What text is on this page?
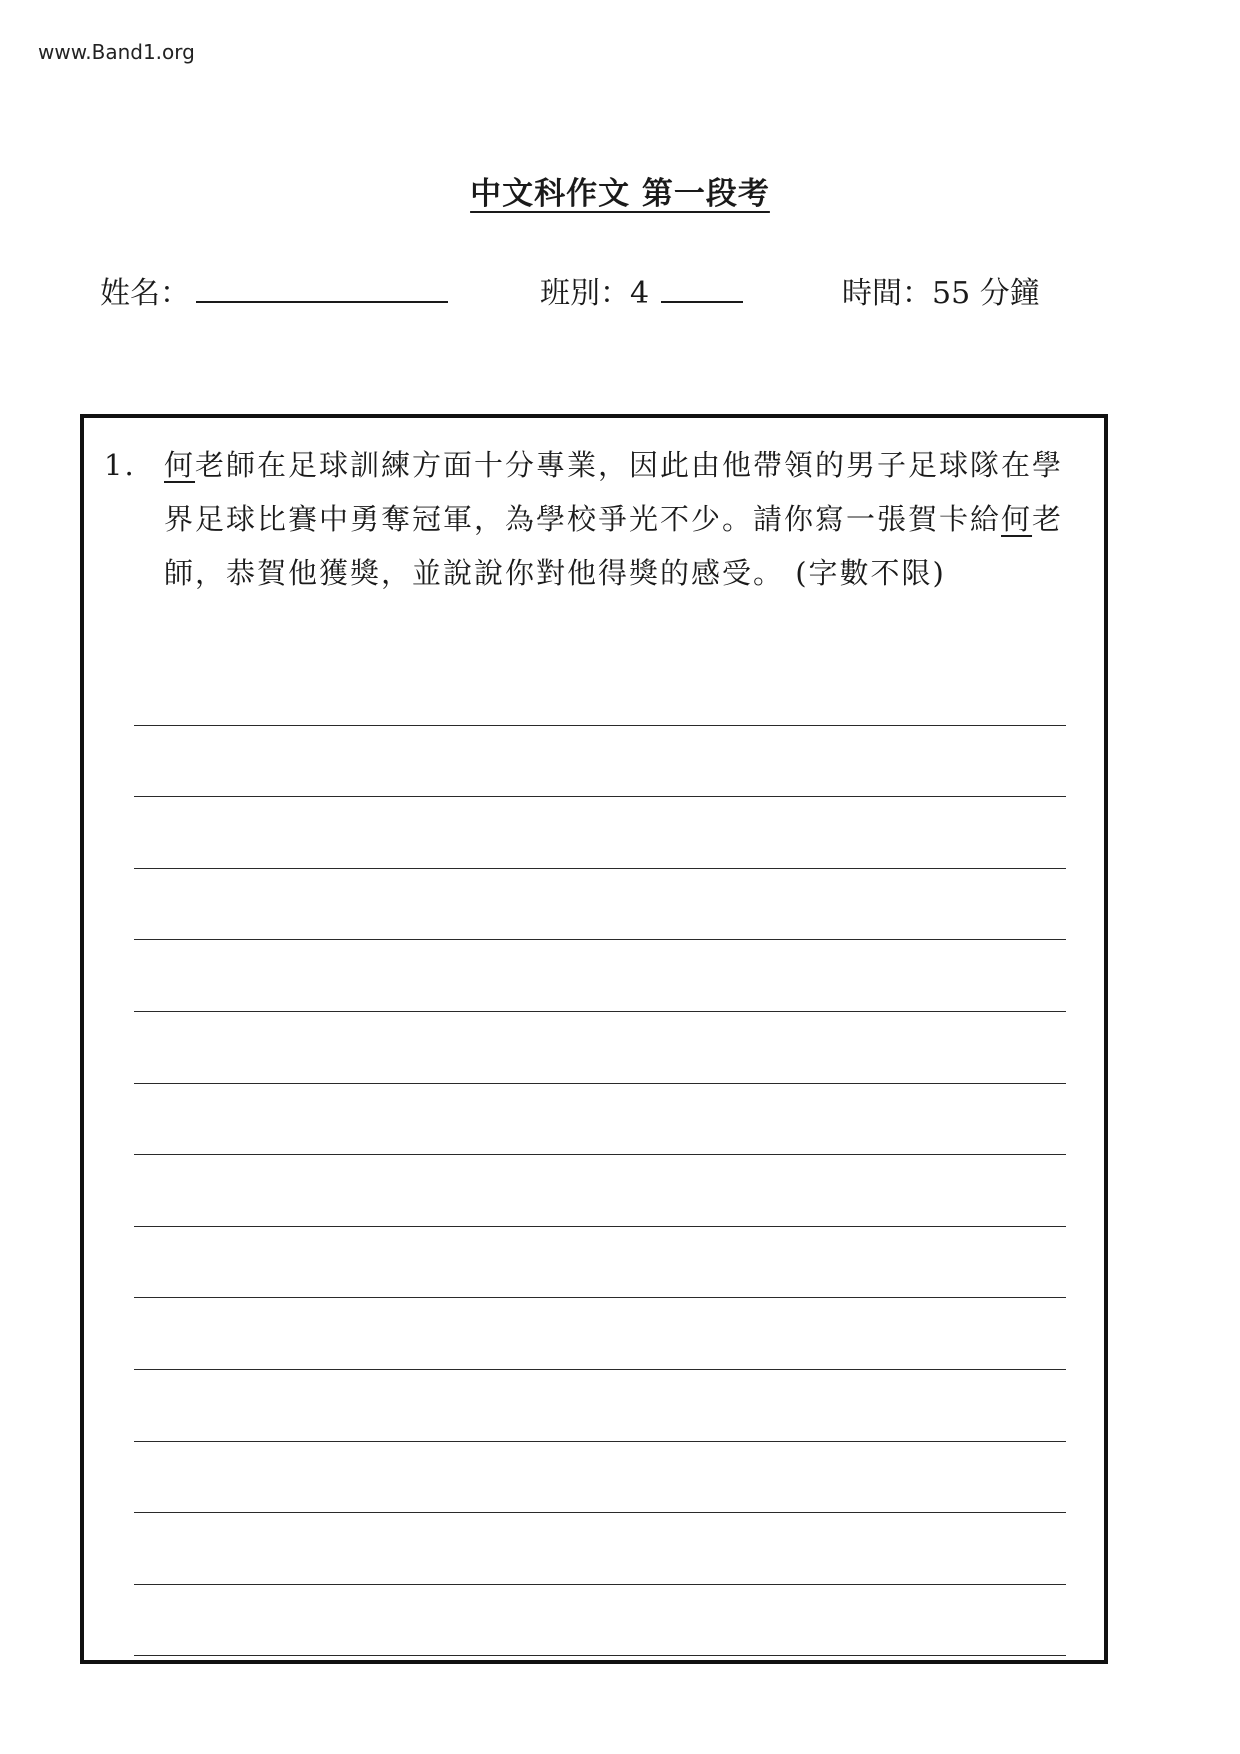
www.Band1.org
中文科作文 第一段考
姓名：	班別：4	時間：55 分鐘
1. 何老師在足球訓練方面十分專業，因此由他帶領的男子足球隊在學界足球比賽中勇奪冠軍，為學校爭光不少。請你寫一張賀卡給何老師，恭賀他獲獎，並說說你對他得獎的感受。 (字數不限)
